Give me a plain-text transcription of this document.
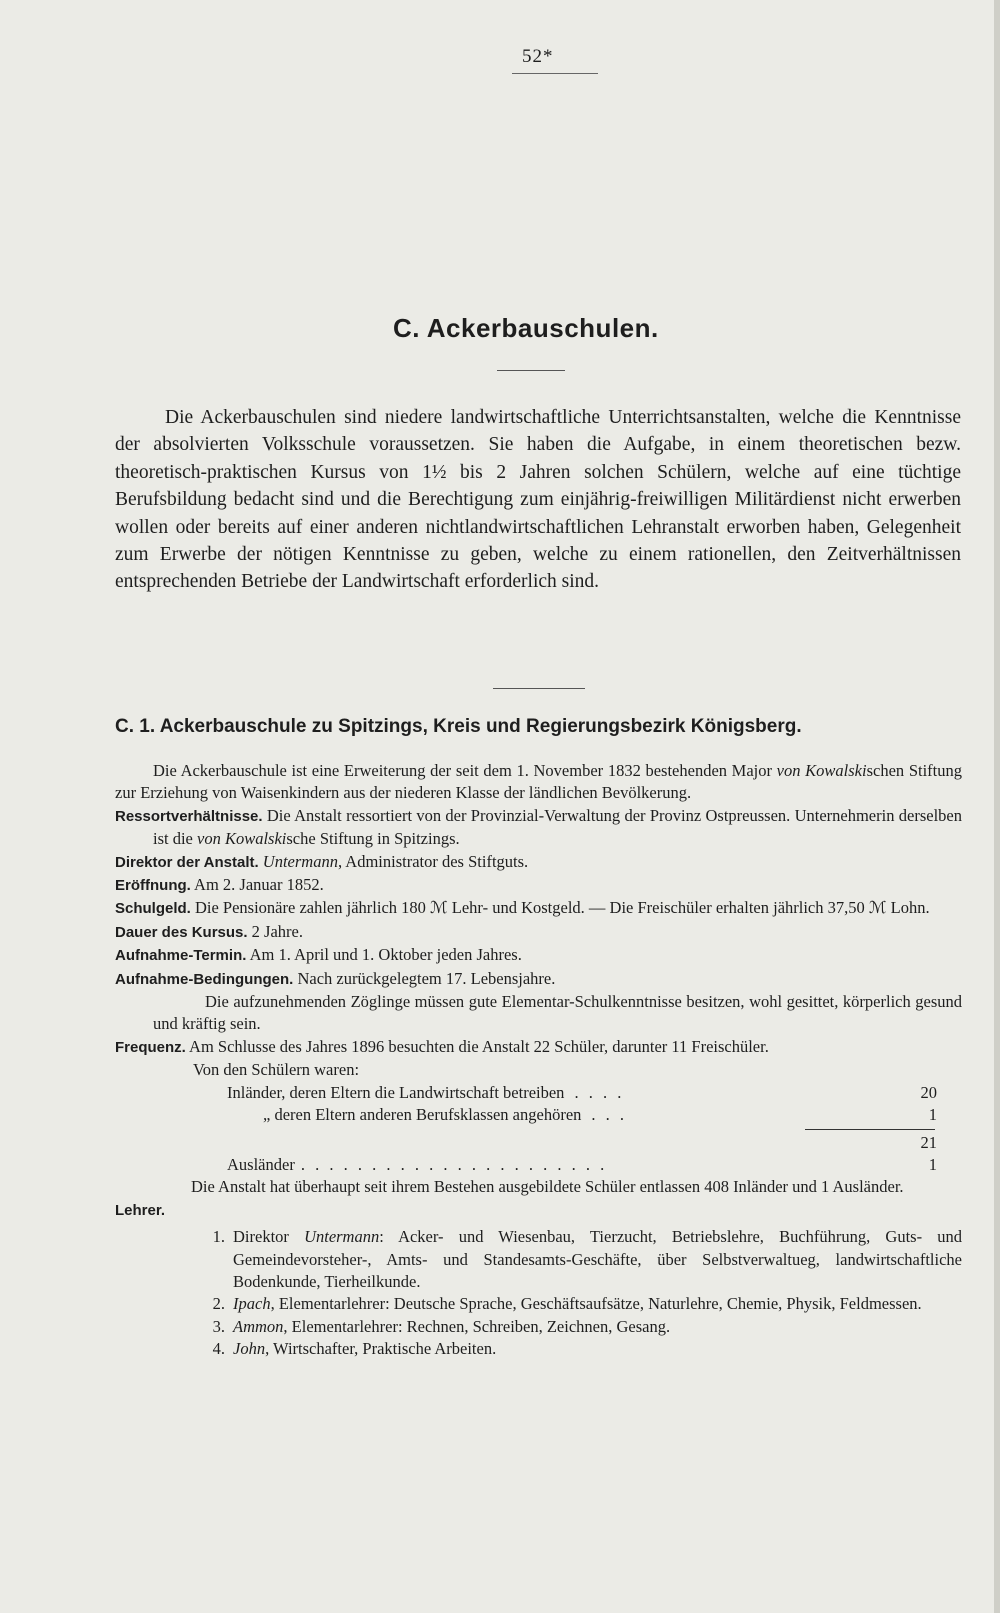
52*
C. Ackerbauschulen.

Die Ackerbauschulen sind niedere landwirtschaftliche Unterrichtsanstalten, welche die Kenntnisse der absolvierten Volksschule voraussetzen. Sie haben die Aufgabe, in einem theoretischen bezw. theoretisch-praktischen Kursus von 1½ bis 2 Jahren solchen Schülern, welche auf eine tüchtige Berufsbildung bedacht sind und die Berechtigung zum einjährig-freiwilligen Militärdienst nicht erwerben wollen oder bereits auf einer anderen nichtlandwirtschaftlichen Lehranstalt erworben haben, Gelegenheit zum Erwerbe der nötigen Kenntnisse zu geben, welche zu einem rationellen, den Zeitverhältnissen entsprechenden Betriebe der Landwirtschaft erforderlich sind.

C. 1. Ackerbauschule zu Spitzings, Kreis und Regierungsbezirk Königsberg.

Die Ackerbauschule ist eine Erweiterung der seit dem 1. November 1832 bestehenden Major von Kowalskischen Stiftung zur Erziehung von Waisenkindern aus der niederen Klasse der ländlichen Bevölkerung.

Ressortverhältnisse. Die Anstalt ressortiert von der Provinzial-Verwaltung der Provinz Ostpreussen. Unternehmerin derselben ist die von Kowalskische Stiftung in Spitzings.

Direktor der Anstalt. Untermann, Administrator des Stiftguts.

Eröffnung. Am 2. Januar 1852.

Schulgeld. Die Pensionäre zahlen jährlich 180 ℳ Lehr- und Kostgeld. — Die Freischüler erhalten jährlich 37,50 ℳ Lohn.

Dauer des Kursus. 2 Jahre.

Aufnahme-Termin. Am 1. April und 1. Oktober jeden Jahres.

Aufnahme-Bedingungen. Nach zurückgelegtem 17. Lebensjahre.

Die aufzunehmenden Zöglinge müssen gute Elementar-Schulkenntnisse besitzen, wohl gesittet, körperlich gesund und kräftig sein.

Frequenz. Am Schlusse des Jahres 1896 besuchten die Anstalt 22 Schüler, darunter 11 Freischüler.

Von den Schülern waren:

Inländer, deren Eltern die Landwirtschaft betreiben . . . .	20
„ deren Eltern anderen Berufsklassen angehören . . .	1
21
Ausländer . . . . . . . . . . . . . . . . . . . . . .	1

Die Anstalt hat überhaupt seit ihrem Bestehen ausgebildete Schüler entlassen 408 Inländer und 1 Ausländer.

Lehrer.

1. Direktor Untermann: Acker- und Wiesenbau, Tierzucht, Betriebslehre, Buchführung, Guts- und Gemeindevorsteher-, Amts- und Standesamts-Geschäfte, über Selbstverwaltueg, landwirtschaftliche Bodenkunde, Tierheilkunde.
2. Ipach, Elementarlehrer: Deutsche Sprache, Geschäftsaufsätze, Naturlehre, Chemie, Physik, Feldmessen.
3. Ammon, Elementarlehrer: Rechnen, Schreiben, Zeichnen, Gesang.
4. John, Wirtschafter, Praktische Arbeiten.
